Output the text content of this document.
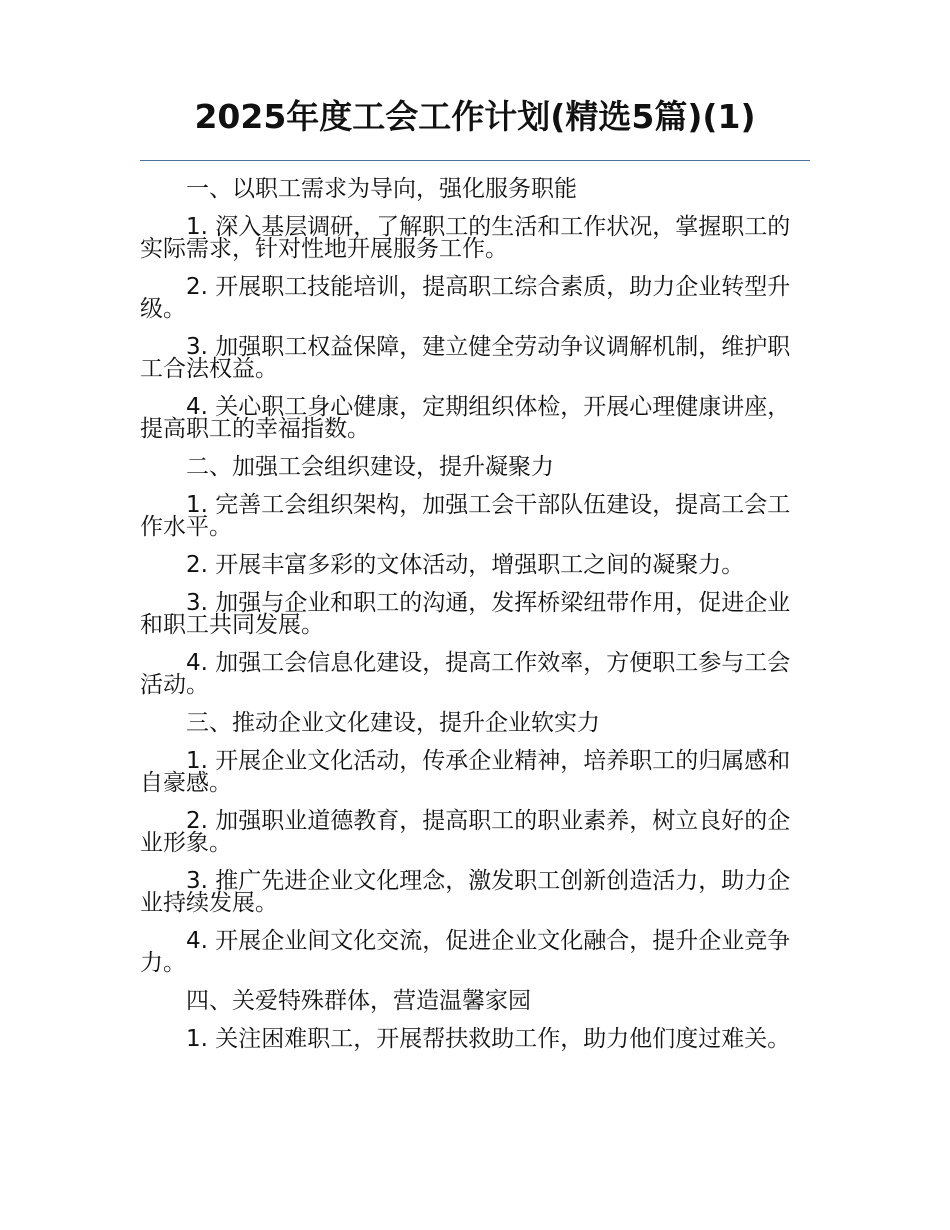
2025年度工会工作计划(精选5篇)(1)

一、以职工需求为导向，强化服务职能

1. 深入基层调研，了解职工的生活和工作状况，掌握职工的实际需求，针对性地开展服务工作。

2. 开展职工技能培训，提高职工综合素质，助力企业转型升级。

3. 加强职工权益保障，建立健全劳动争议调解机制，维护职工合法权益。

4. 关心职工身心健康，定期组织体检，开展心理健康讲座，提高职工的幸福指数。

二、加强工会组织建设，提升凝聚力

1. 完善工会组织架构，加强工会干部队伍建设，提高工会工作水平。

2. 开展丰富多彩的文体活动，增强职工之间的凝聚力。

3. 加强与企业和职工的沟通，发挥桥梁纽带作用，促进企业和职工共同发展。

4. 加强工会信息化建设，提高工作效率，方便职工参与工会活动。

三、推动企业文化建设，提升企业软实力

1. 开展企业文化活动，传承企业精神，培养职工的归属感和自豪感。

2. 加强职业道德教育，提高职工的职业素养，树立良好的企业形象。

3. 推广先进企业文化理念，激发职工创新创造活力，助力企业持续发展。

4. 开展企业间文化交流，促进企业文化融合，提升企业竞争力。

四、关爱特殊群体，营造温馨家园

1. 关注困难职工，开展帮扶救助工作，助力他们度过难关。
